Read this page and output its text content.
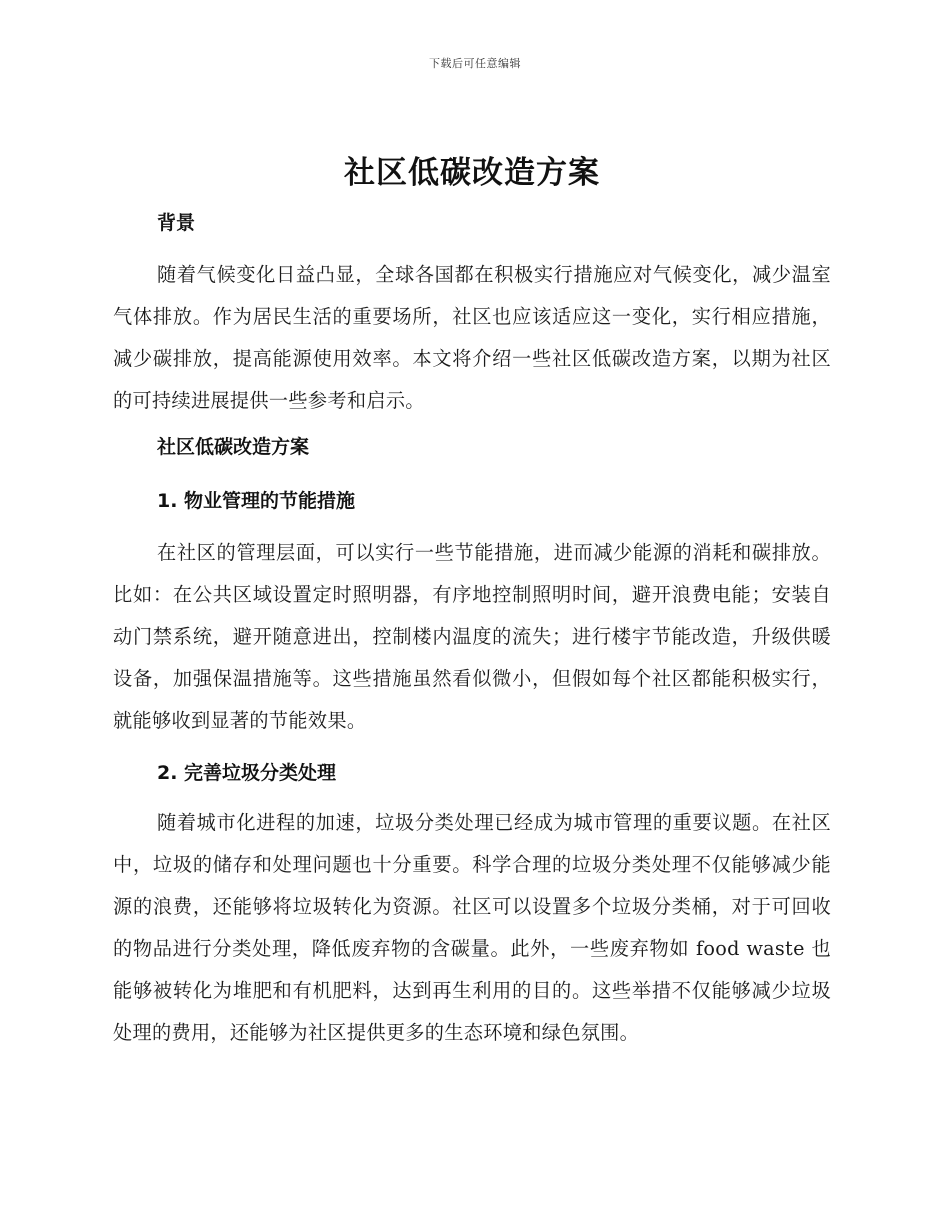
下载后可任意编辑
社区低碳改造方案
背景

随着气候变化日益凸显，全球各国都在积极实行措施应对气候变化，减少温室气体排放。作为居民生活的重要场所，社区也应该适应这一变化，实行相应措施，减少碳排放，提高能源使用效率。本文将介绍一些社区低碳改造方案，以期为社区的可持续进展提供一些参考和启示。

社区低碳改造方案
1. 物业管理的节能措施

在社区的管理层面，可以实行一些节能措施，进而减少能源的消耗和碳排放。比如：在公共区域设置定时照明器，有序地控制照明时间，避开浪费电能；安装自动门禁系统，避开随意进出，控制楼内温度的流失；进行楼宇节能改造，升级供暖设备，加强保温措施等。这些措施虽然看似微小，但假如每个社区都能积极实行，就能够收到显著的节能效果。

2. 完善垃圾分类处理

随着城市化进程的加速，垃圾分类处理已经成为城市管理的重要议题。在社区中，垃圾的储存和处理问题也十分重要。科学合理的垃圾分类处理不仅能够减少能源的浪费，还能够将垃圾转化为资源。社区可以设置多个垃圾分类桶，对于可回收的物品进行分类处理，降低废弃物的含碳量。此外，一些废弃物如 food waste 也能够被转化为堆肥和有机肥料，达到再生利用的目的。这些举措不仅能够减少垃圾处理的费用，还能够为社区提供更多的生态环境和绿色氛围。
